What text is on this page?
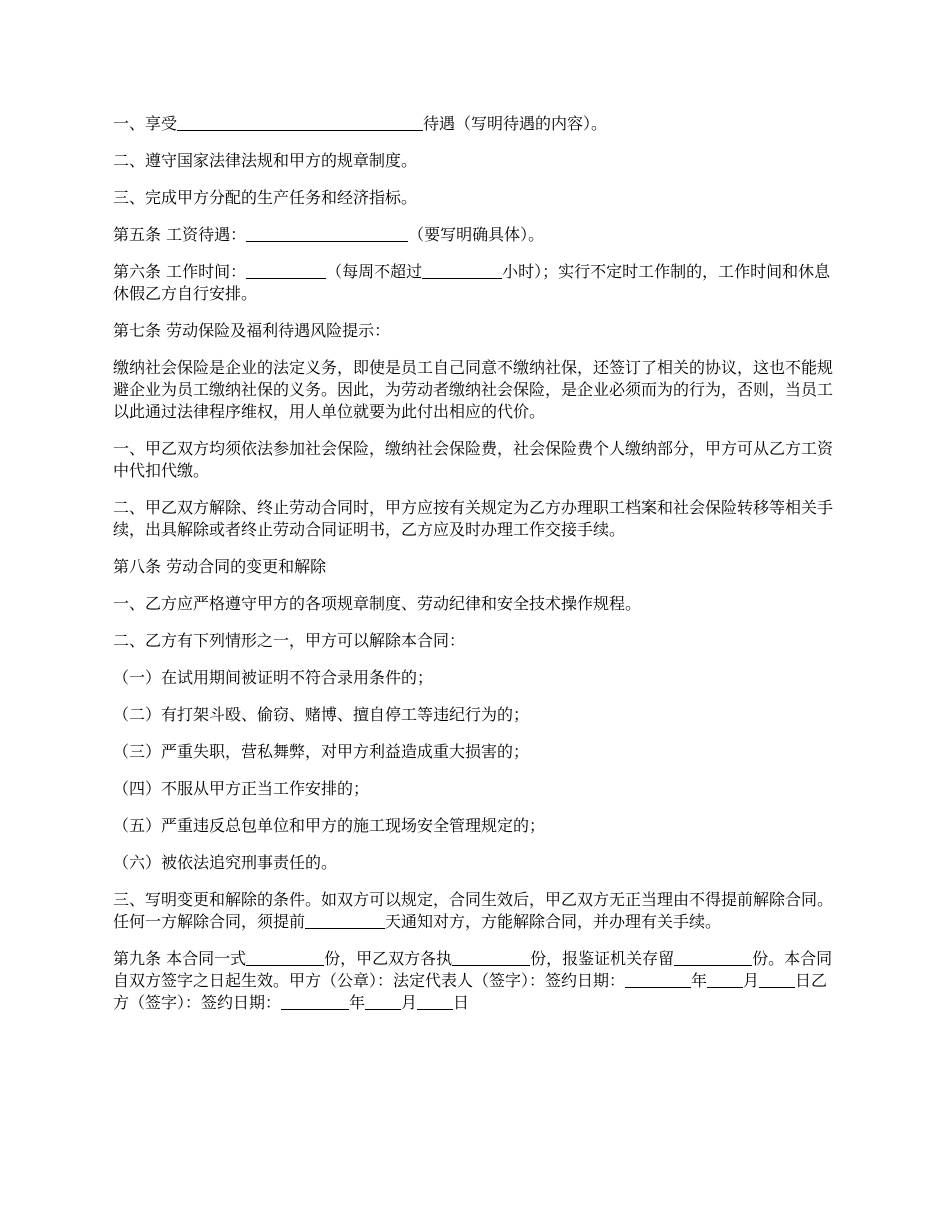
一、享受	待遇（写明待遇的内容）。

二、遵守国家法律法规和甲方的规章制度。

三、完成甲方分配的生产任务和经济指标。

第五条 工资待遇：	（要写明确具体）。

第六条 工作时间：	（每周不超过	小时）；实行不定时工作制的，工作时间和休息休假乙方自行安排。

第七条 劳动保险及福利待遇风险提示：

缴纳社会保险是企业的法定义务，即使是员工自己同意不缴纳社保，还签订了相关的协议，这也不能规避企业为员工缴纳社保的义务。因此，为劳动者缴纳社会保险，是企业必须而为的行为，否则，当员工以此通过法律程序维权，用人单位就要为此付出相应的代价。

一、甲乙双方均须依法参加社会保险，缴纳社会保险费，社会保险费个人缴纳部分，甲方可从乙方工资中代扣代缴。

二、甲乙双方解除、终止劳动合同时，甲方应按有关规定为乙方办理职工档案和社会保险转移等相关手续，出具解除或者终止劳动合同证明书，乙方应及时办理工作交接手续。

第八条 劳动合同的变更和解除

一、乙方应严格遵守甲方的各项规章制度、劳动纪律和安全技术操作规程。

二、乙方有下列情形之一，甲方可以解除本合同：

（一）在试用期间被证明不符合录用条件的；

（二）有打架斗殴、偷窃、赌博、擅自停工等违纪行为的；

（三）严重失职，营私舞弊，对甲方利益造成重大损害的；

（四）不服从甲方正当工作安排的；

（五）严重违反总包单位和甲方的施工现场安全管理规定的；

（六）被依法追究刑事责任的。

三、写明变更和解除的条件。如双方可以规定，合同生效后，甲乙双方无正当理由不得提前解除合同。任何一方解除合同，须提前	天通知对方，方能解除合同，并办理有关手续。

第九条 本合同一式	份，甲乙双方各执	份，报鉴证机关存留	份。本合同自双方签字之日起生效。甲方（公章）：法定代表人（签字）：签约日期：	年 月 日乙方（签字）：签约日期：	年 月 日
